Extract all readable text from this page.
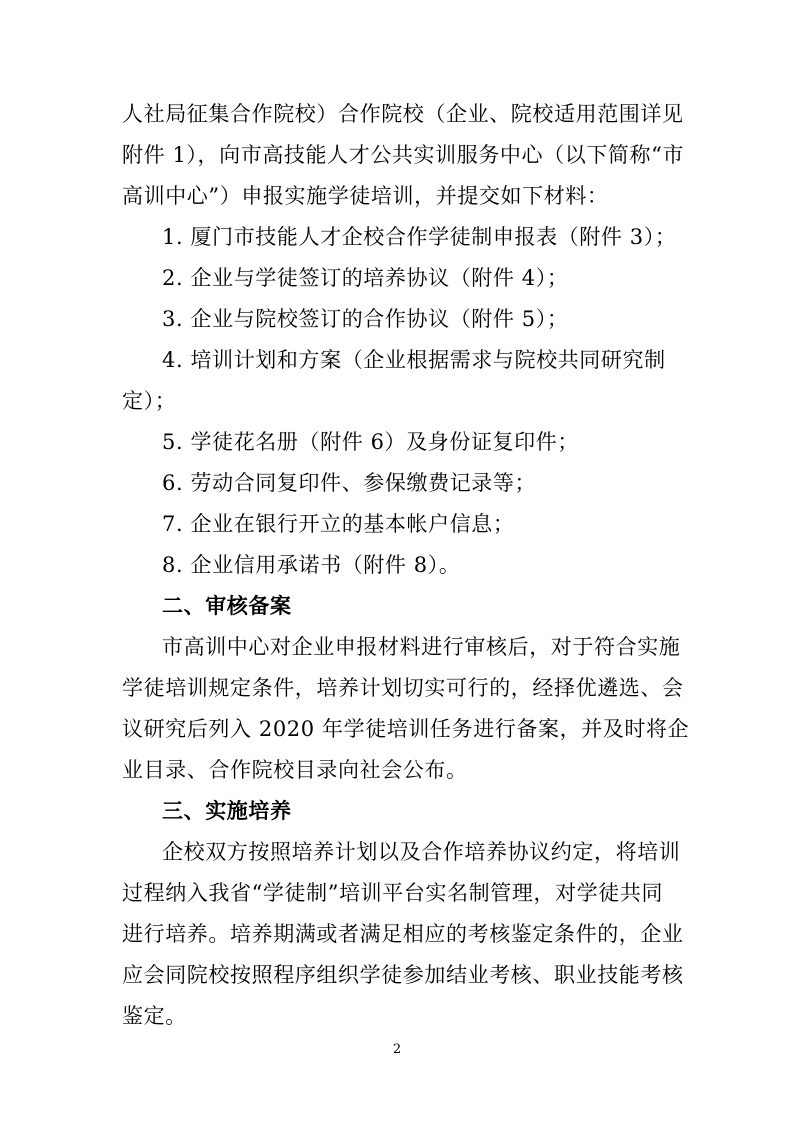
人社局征集合作院校）合作院校（企业、院校适用范围详见
附件 1），向市高技能人才公共实训服务中心（以下简称“市
高训中心”）申报实施学徒培训，并提交如下材料：
1. 厦门市技能人才企校合作学徒制申报表（附件 3）；
2. 企业与学徒签订的培养协议（附件 4）；
3. 企业与院校签订的合作协议（附件 5）；
4. 培训计划和方案（企业根据需求与院校共同研究制
定）；
5. 学徒花名册（附件 6）及身份证复印件；
6. 劳动合同复印件、参保缴费记录等；
7. 企业在银行开立的基本帐户信息；
8. 企业信用承诺书（附件 8）。
二、审核备案
市高训中心对企业申报材料进行审核后，对于符合实施
学徒培训规定条件，培养计划切实可行的，经择优遴选、会
议研究后列入 2020 年学徒培训任务进行备案，并及时将企
业目录、合作院校目录向社会公布。
三、实施培养
企校双方按照培养计划以及合作培养协议约定，将培训
过程纳入我省“学徒制”培训平台实名制管理，对学徒共同
进行培养。培养期满或者满足相应的考核鉴定条件的，企业
应会同院校按照程序组织学徒参加结业考核、职业技能考核
鉴定。
2
